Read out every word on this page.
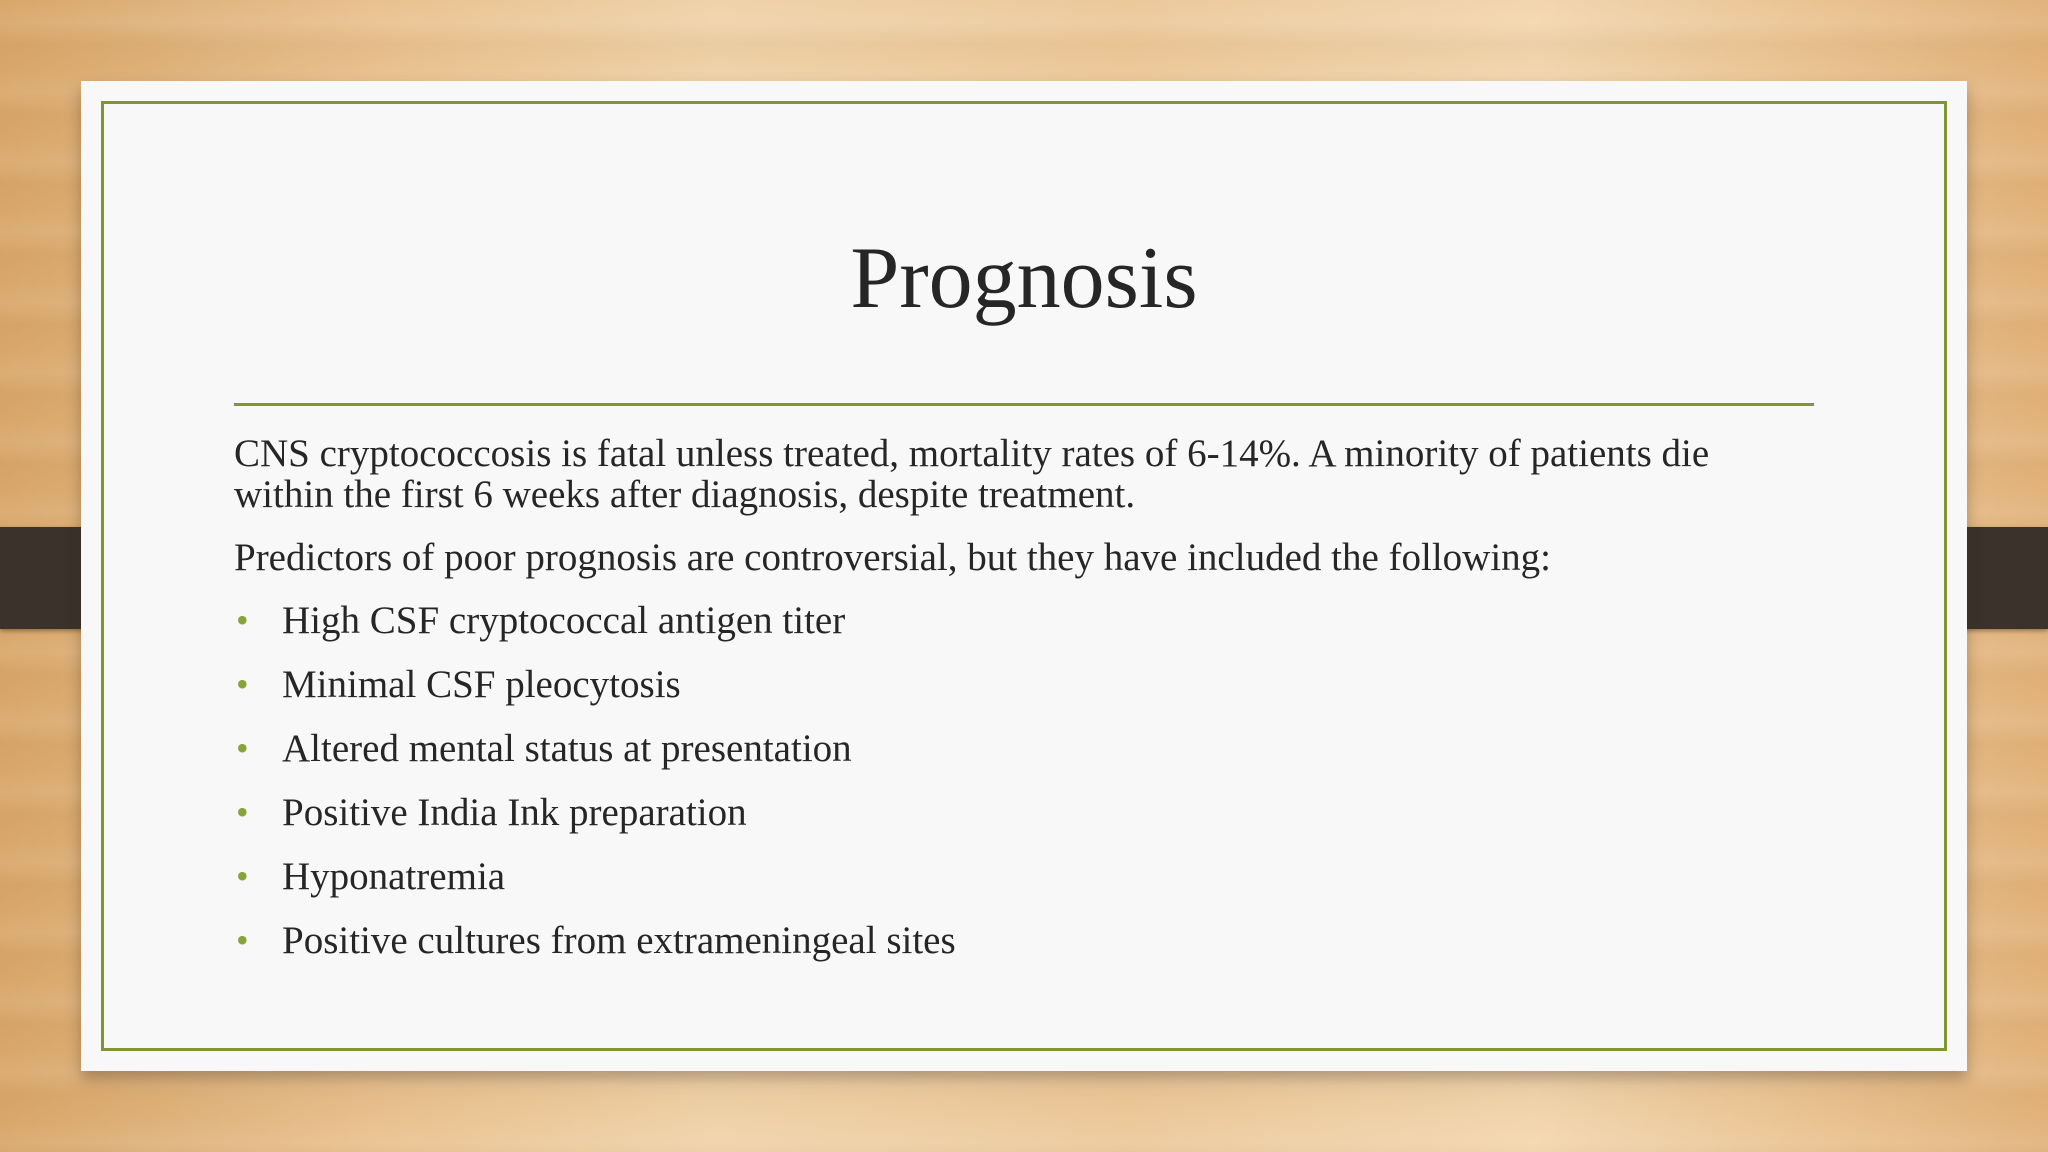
Prognosis

CNS cryptococcosis is fatal unless treated, mortality rates of 6-14%. A minority of patients die within the first 6 weeks after diagnosis, despite treatment.

Predictors of poor prognosis are controversial, but they have included the following:

• High CSF cryptococcal antigen titer
• Minimal CSF pleocytosis
• Altered mental status at presentation
• Positive India Ink preparation
• Hyponatremia
• Positive cultures from extrameningeal sites
